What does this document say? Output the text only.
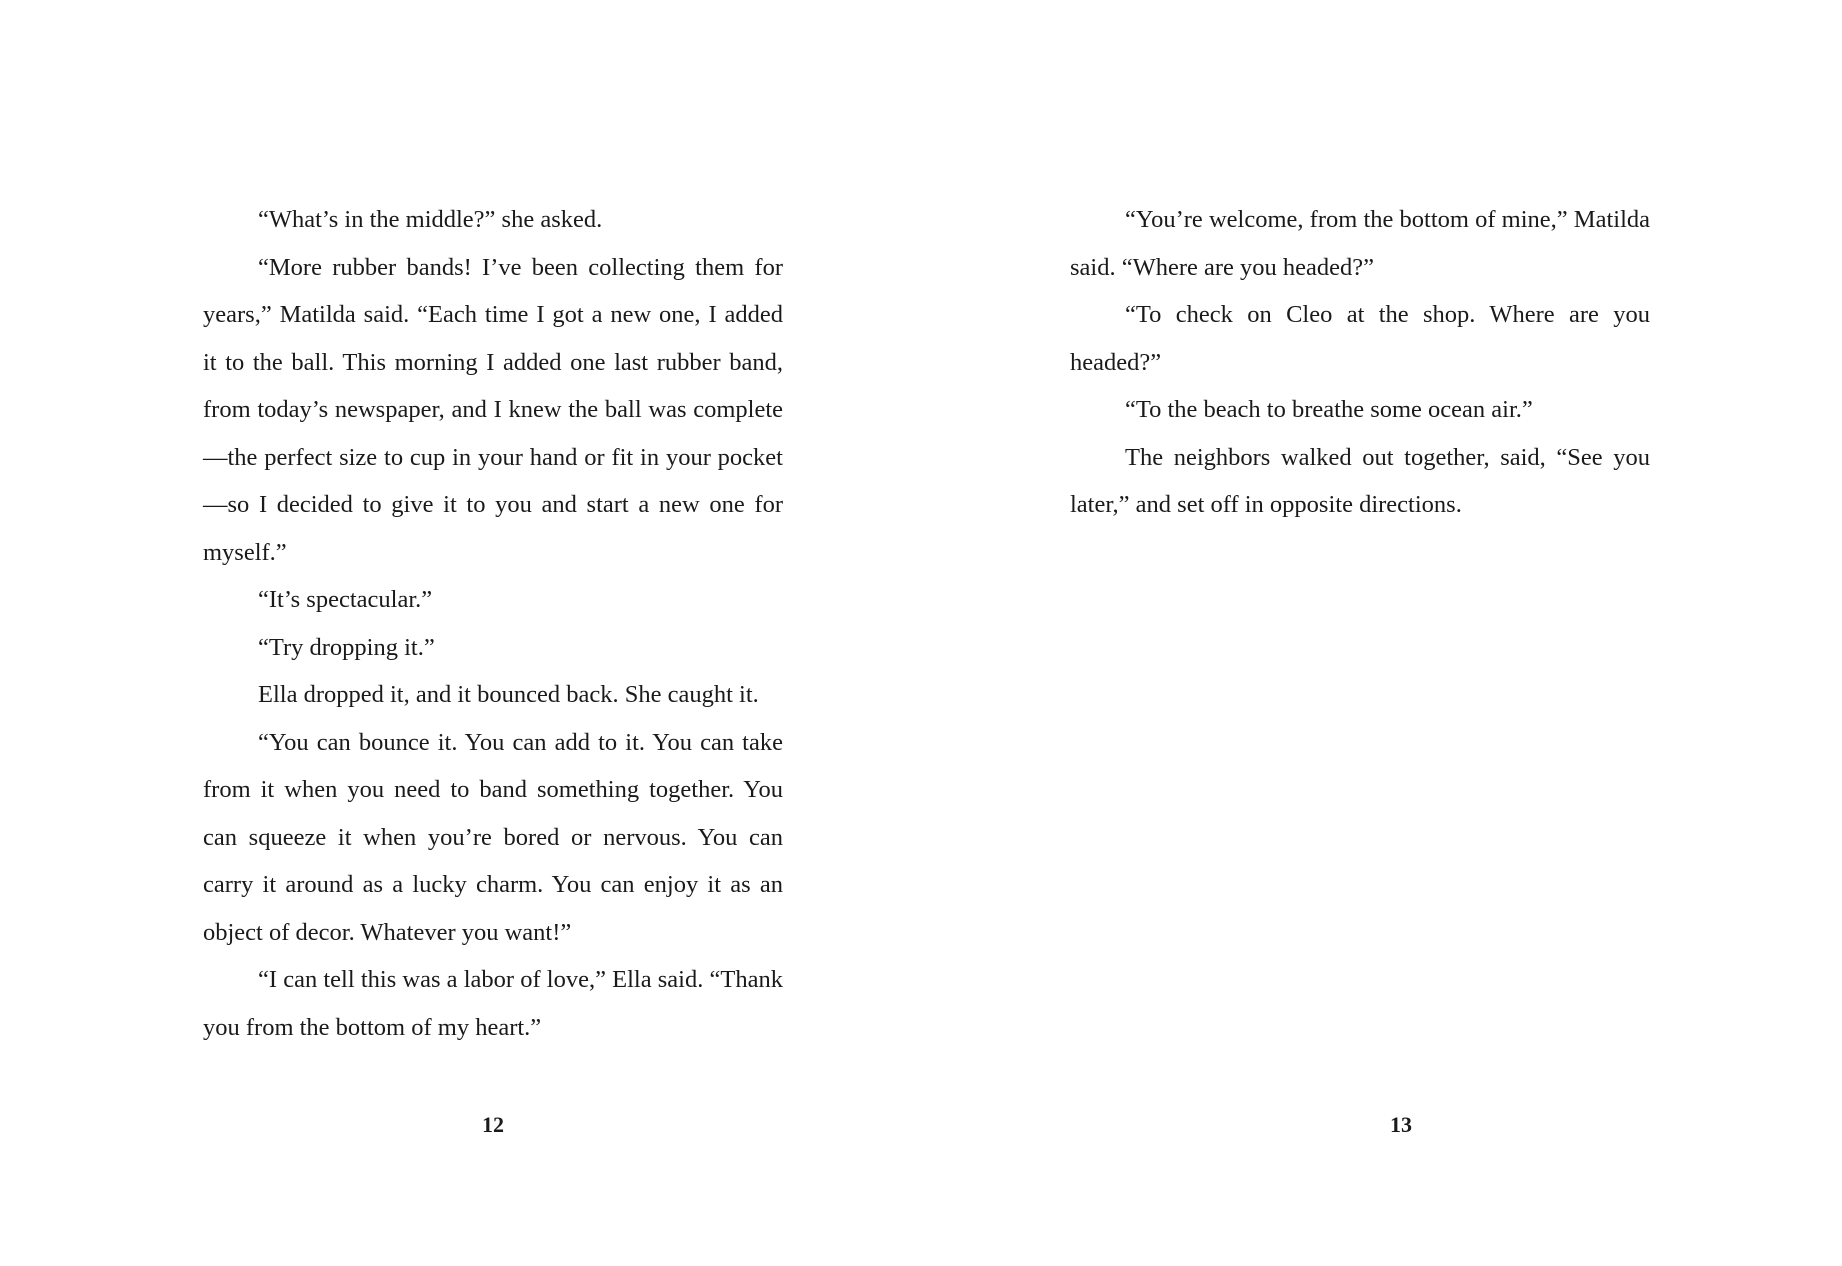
“What’s in the middle?” she asked.

“More rubber bands! I’ve been collecting them for years,” Matilda said. “Each time I got a new one, I added it to the ball. This morning I added one last rubber band, from today’s newspaper, and I knew the ball was complete—the perfect size to cup in your hand or fit in your pocket—so I decided to give it to you and start a new one for myself.”

“It’s spectacular.”

“Try dropping it.”

Ella dropped it, and it bounced back. She caught it.

“You can bounce it. You can add to it. You can take from it when you need to band something together. You can squeeze it when you’re bored or nervous. You can carry it around as a lucky charm. You can enjoy it as an object of decor. Whatever you want!”

“I can tell this was a labor of love,” Ella said. “Thank you from the bottom of my heart.”

12

“You’re welcome, from the bottom of mine,” Matilda said. “Where are you headed?”

“To check on Cleo at the shop. Where are you headed?”

“To the beach to breathe some ocean air.”

The neighbors walked out together, said, “See you later,” and set off in opposite directions.

13
